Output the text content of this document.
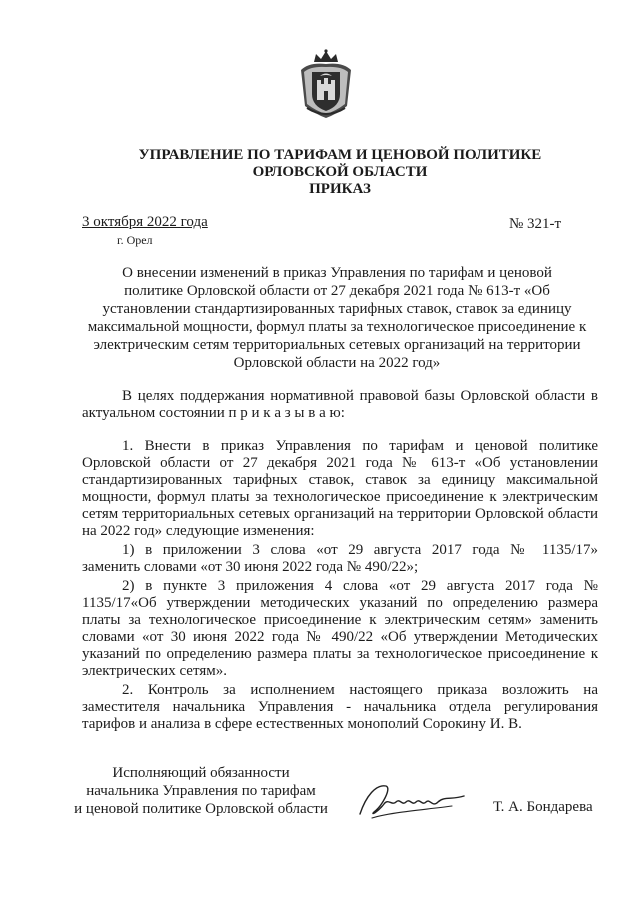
УПРАВЛЕНИЕ ПО ТАРИФАМ И ЦЕНОВОЙ ПОЛИТИКЕ
ОРЛОВСКОЙ ОБЛАСТИ
ПРИКАЗ
3 октября 2022 года
г. Орел
№ 321-т
О внесении изменений в приказ Управления по тарифам и ценовой
политике Орловской области от 27 декабря 2021 года № 613-т «Об
установлении стандартизированных тарифных ставок, ставок за единицу
максимальной мощности, формул платы за технологическое присоединение к
электрическим сетям территориальных сетевых организаций на территории
Орловской области на 2022 год»
В целях поддержания нормативной правовой базы Орловской области в
актуальном состоянии п р и к а з ы в а ю:
1. Внести в приказ Управления по тарифам и ценовой политике
Орловской области от 27 декабря 2021 года № 613-т «Об установлении
стандартизированных тарифных ставок, ставок за единицу максимальной
мощности, формул платы за технологическое присоединение к электрическим
сетям территориальных сетевых организаций на территории Орловской области
на 2022 год» следующие изменения:
1) в приложении 3 слова «от 29 августа 2017 года № 1135/17»
заменить словами «от 30 июня 2022 года № 490/22»;
2) в пункте 3 приложения 4 слова «от 29 августа 2017 года №
1135/17«Об утверждении методических указаний по определению размера
платы за технологическое присоединение к электрическим сетям» заменить
словами «от 30 июня 2022 года № 490/22 «Об утверждении Методических
указаний по определению размера платы за технологическое присоединение к
электрических сетям».
2. Контроль за исполнением настоящего приказа возложить на
заместителя начальника Управления - начальника отдела регулирования
тарифов и анализа в сфере естественных монополий Сорокину И. В.
Исполняющий обязанности
начальника Управления по тарифам
и ценовой политике Орловской области	Т. А. Бондарева
